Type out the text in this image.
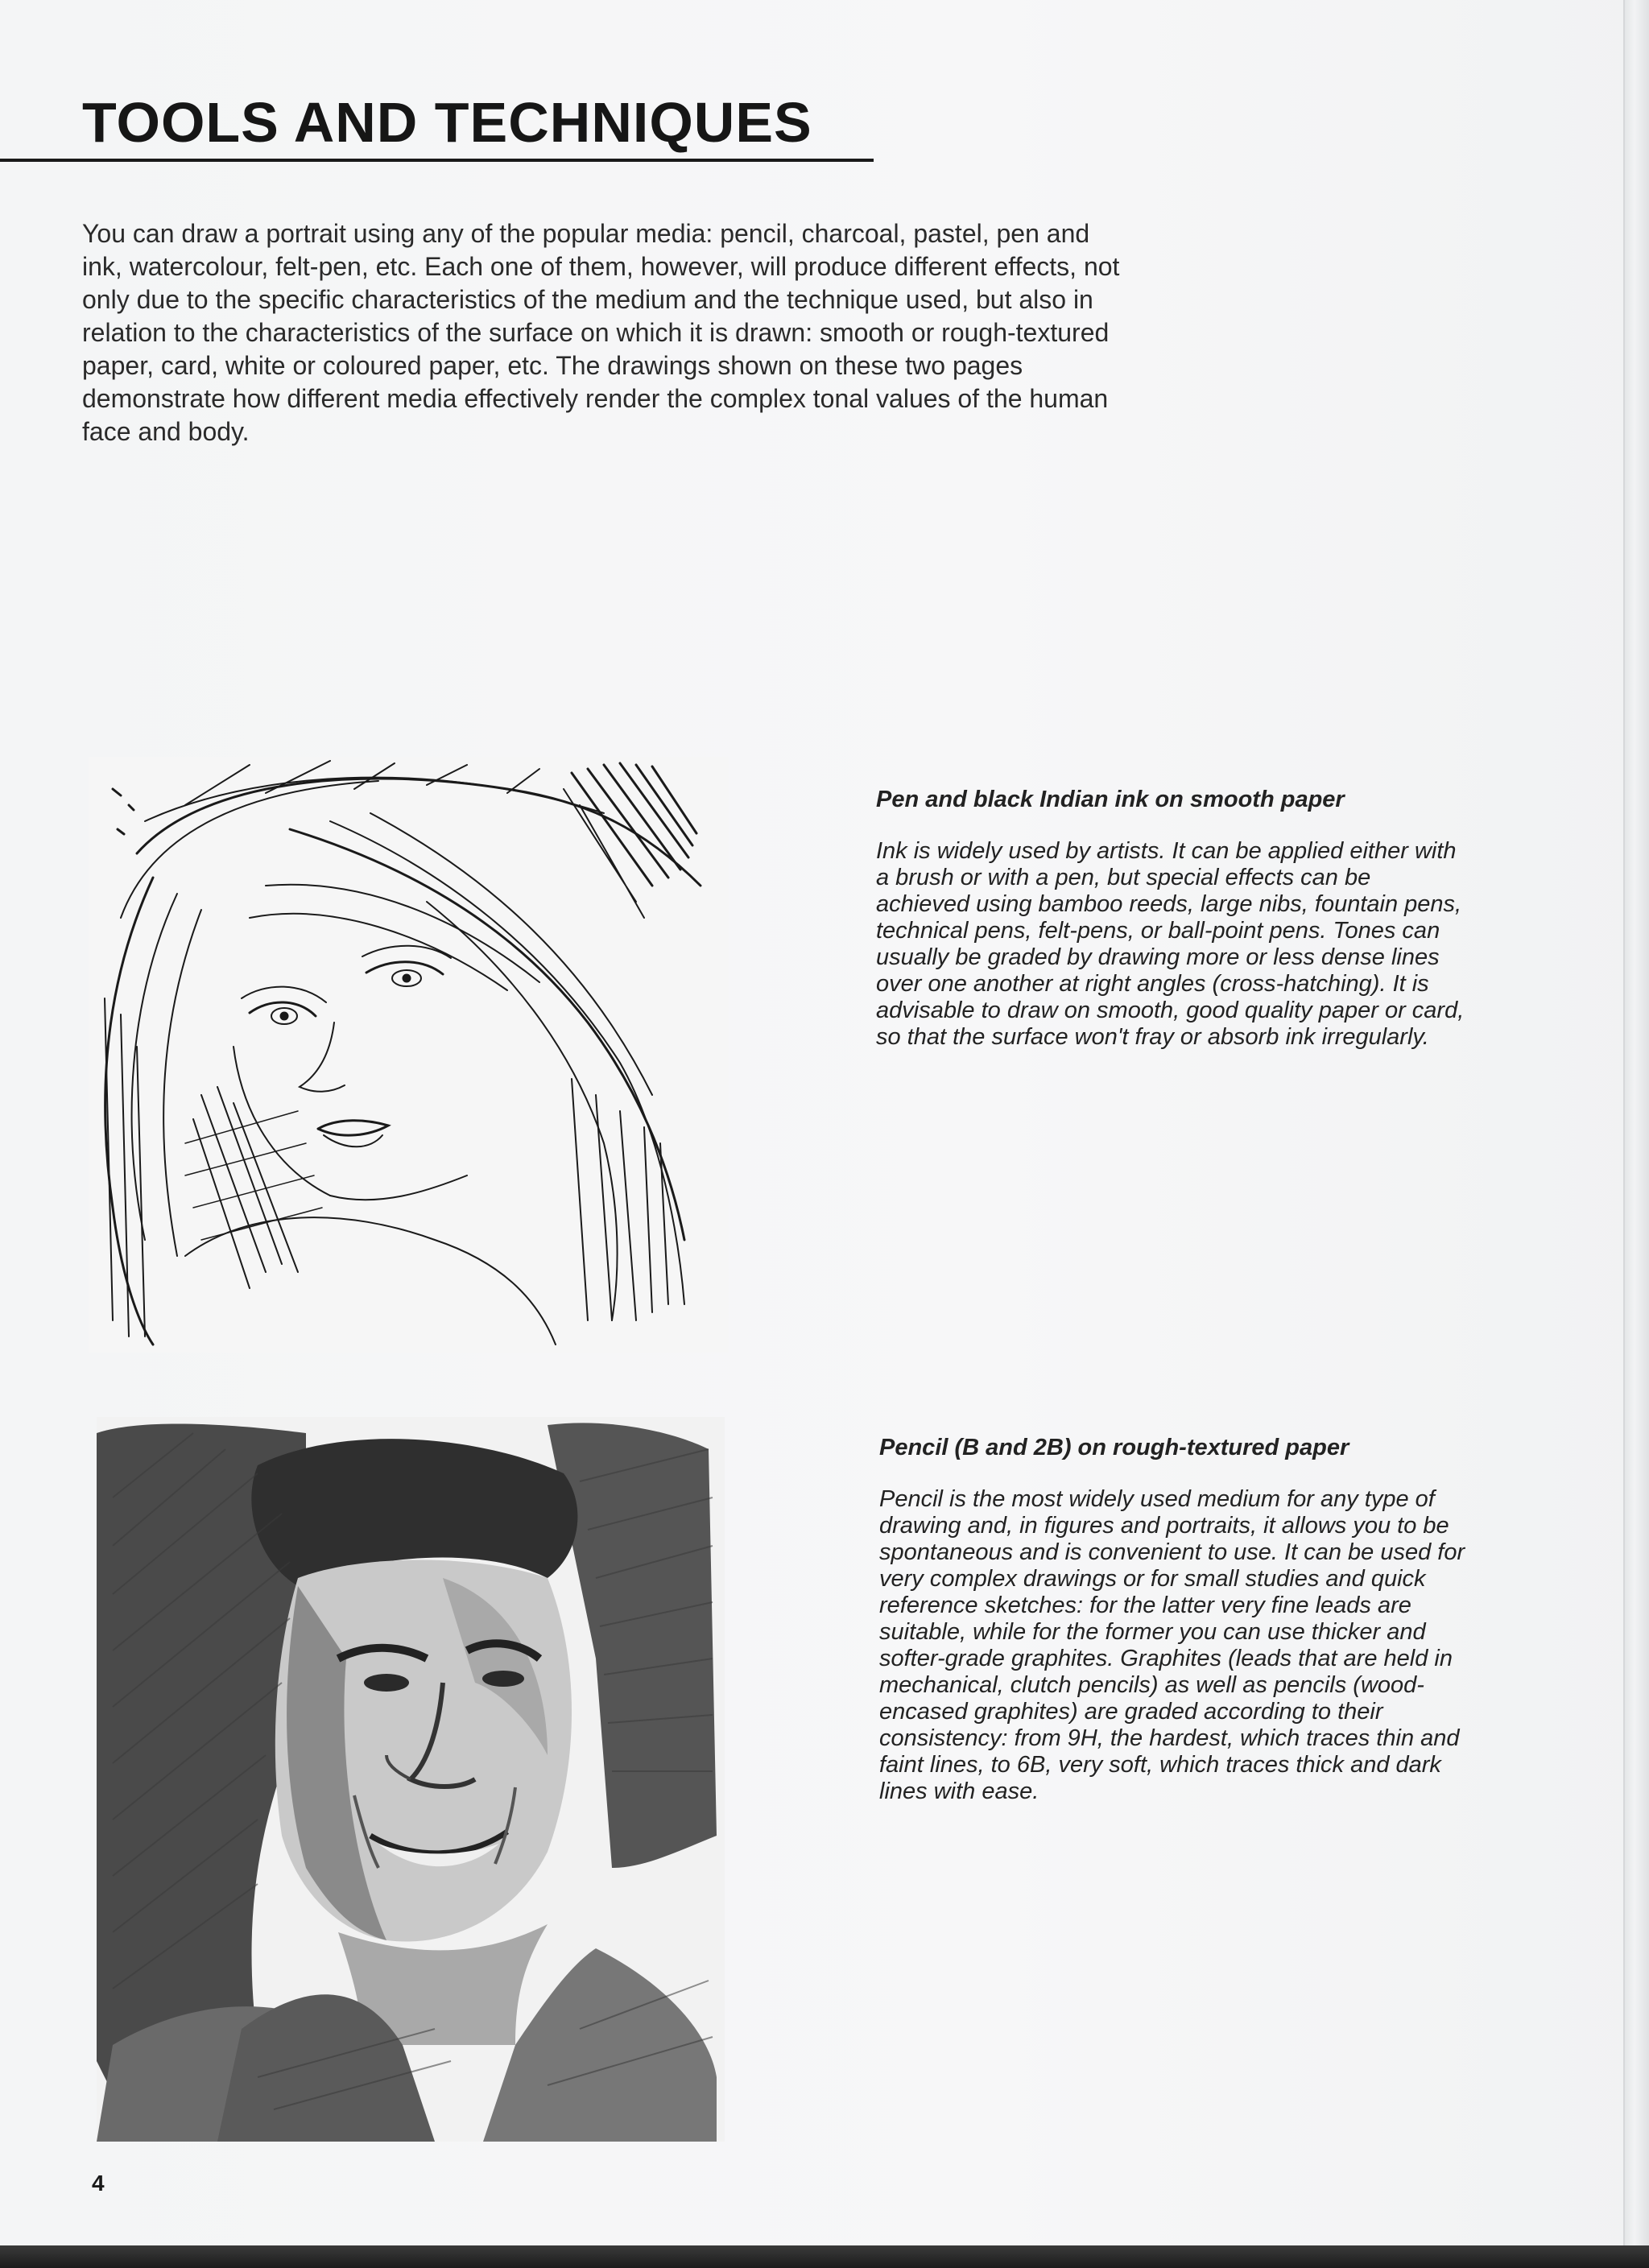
TOOLS AND TECHNIQUES

You can draw a portrait using any of the popular media: pencil, charcoal, pastel, pen and ink, watercolour, felt-pen, etc. Each one of them, however, will produce different effects, not only due to the specific characteristics of the medium and the technique used, but also in relation to the characteristics of the surface on which it is drawn: smooth or rough-textured paper, card, white or coloured paper, etc. The drawings shown on these two pages demonstrate how different media effectively render the complex tonal values of the human face and body.

Pen and black Indian ink on smooth paper

Ink is widely used by artists. It can be applied either with a brush or with a pen, but special effects can be achieved using bamboo reeds, large nibs, fountain pens, technical pens, felt-pens, or ball-point pens. Tones can usually be graded by drawing more or less dense lines over one another at right angles (cross-hatching). It is advisable to draw on smooth, good quality paper or card, so that the surface won't fray or absorb ink irregularly.

Pencil (B and 2B) on rough-textured paper

Pencil is the most widely used medium for any type of drawing and, in figures and portraits, it allows you to be spontaneous and is convenient to use. It can be used for very complex drawings or for small studies and quick reference sketches: for the latter very fine leads are suitable, while for the former you can use thicker and softer-grade graphites. Graphites (leads that are held in mechanical, clutch pencils) as well as pencils (wood-encased graphites) are graded according to their consistency: from 9H, the hardest, which traces thin and faint lines, to 6B, very soft, which traces thick and dark lines with ease.

4
